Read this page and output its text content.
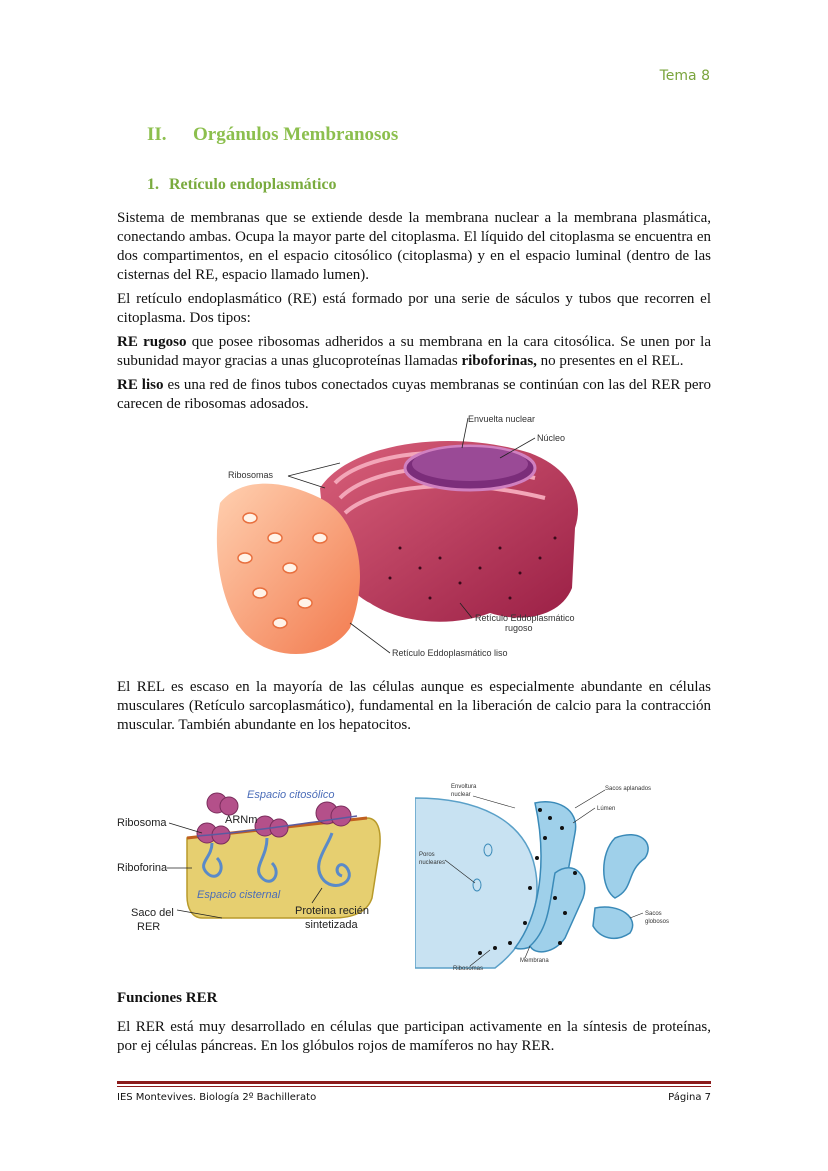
Tema 8
II. Orgánulos Membranosos
1. Retículo endoplasmático
Sistema de membranas que se extiende desde la membrana nuclear a la membrana plasmática, conectando ambas. Ocupa la mayor parte del citoplasma. El líquido del citoplasma se encuentra en dos compartimentos, en el espacio citosólico (citoplasma) y en el espacio luminal (dentro de las cisternas del RE, espacio llamado lumen).
El retículo endoplasmático (RE) está formado por una serie de sáculos y tubos que recorren el citoplasma. Dos tipos:
RE rugoso que posee ribosomas adheridos a su membrana en la cara citosólica. Se unen por la subunidad mayor gracias a unas glucoproteínas llamadas riboforinas, no presentes en el REL.
RE liso es una red de finos tubos conectados cuyas membranas se continúan con las del RER pero carecen de ribosomas adosados.
Envuelta nuclear
Núcleo
Ribosomas
Retículo Eddoplasmático
rugoso
Retículo Eddoplasmático liso
El REL es escaso en la mayoría de las células aunque es especialmente abundante en células musculares (Retículo sarcoplasmático), fundamental en la liberación de calcio para la contracción muscular. También abundante en los hepatocitos.
Espacio citosólico
Ribosoma	ARNm
Riboforina
Espacio cisternal
Saco del
RER
Proteina recién
sintetizada
Envoltura
nuclear
Sacos aplanados
Lúmen
Poros
nucleares
Sacos
globosos
Membrana
Ribosomas
Funciones RER
El RER está muy desarrollado en células que participan activamente en la síntesis de proteínas, por ej células páncreas. En los glóbulos rojos de mamíferos no hay RER.
IES Montevives. Biología 2º Bachillerato	Página 7
